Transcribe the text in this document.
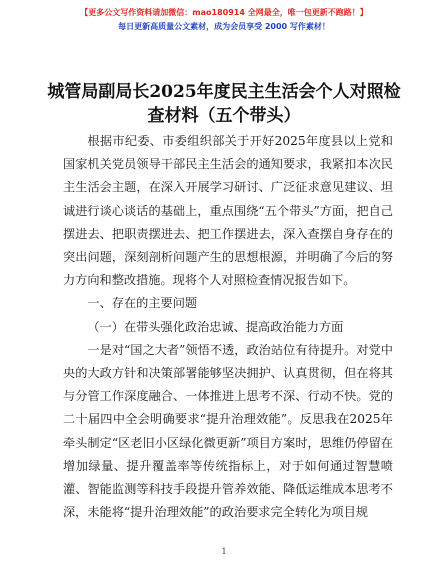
【更多公文写作资料请加微信：mao180914 全网最全，唯一包更新不跑路！】
每日更新高质量公文素材，成为会员享受 2000 写作素材！
城管局副局长2025年度民主生活会个人对照检查材料（五个带头）

根据市纪委、市委组织部关于开好2025年度县以上党和国家机关党员领导干部民主生活会的通知要求，我紧扣本次民主生活会主题，在深入开展学习研讨、广泛征求意见建议、坦诚进行谈心谈话的基础上，重点围绕“五个带头”方面，把自己摆进去、把职责摆进去、把工作摆进去，深入查摆自身存在的突出问题，深刻剖析问题产生的思想根源，并明确了今后的努力方向和整改措施。现将个人对照检查情况报告如下。

一、存在的主要问题

（一）在带头强化政治忠诚、提高政治能力方面

一是对“国之大者”领悟不透，政治站位有待提升。对党中央的大政方针和决策部署能够坚决拥护、认真贯彻，但在将其与分管工作深度融合、一体推进上思考不深、行动不快。党的二十届四中全会明确要求“提升治理效能”。反思我在2025年牵头制定“区老旧小区绿化微更新”项目方案时，思维仍停留在增加绿量、提升覆盖率等传统指标上，对于如何通过智慧喷灌、智能监测等科技手段提升管养效能、降低运维成本思考不深，未能将“提升治理效能”的政治要求完全转化为项目规

1
